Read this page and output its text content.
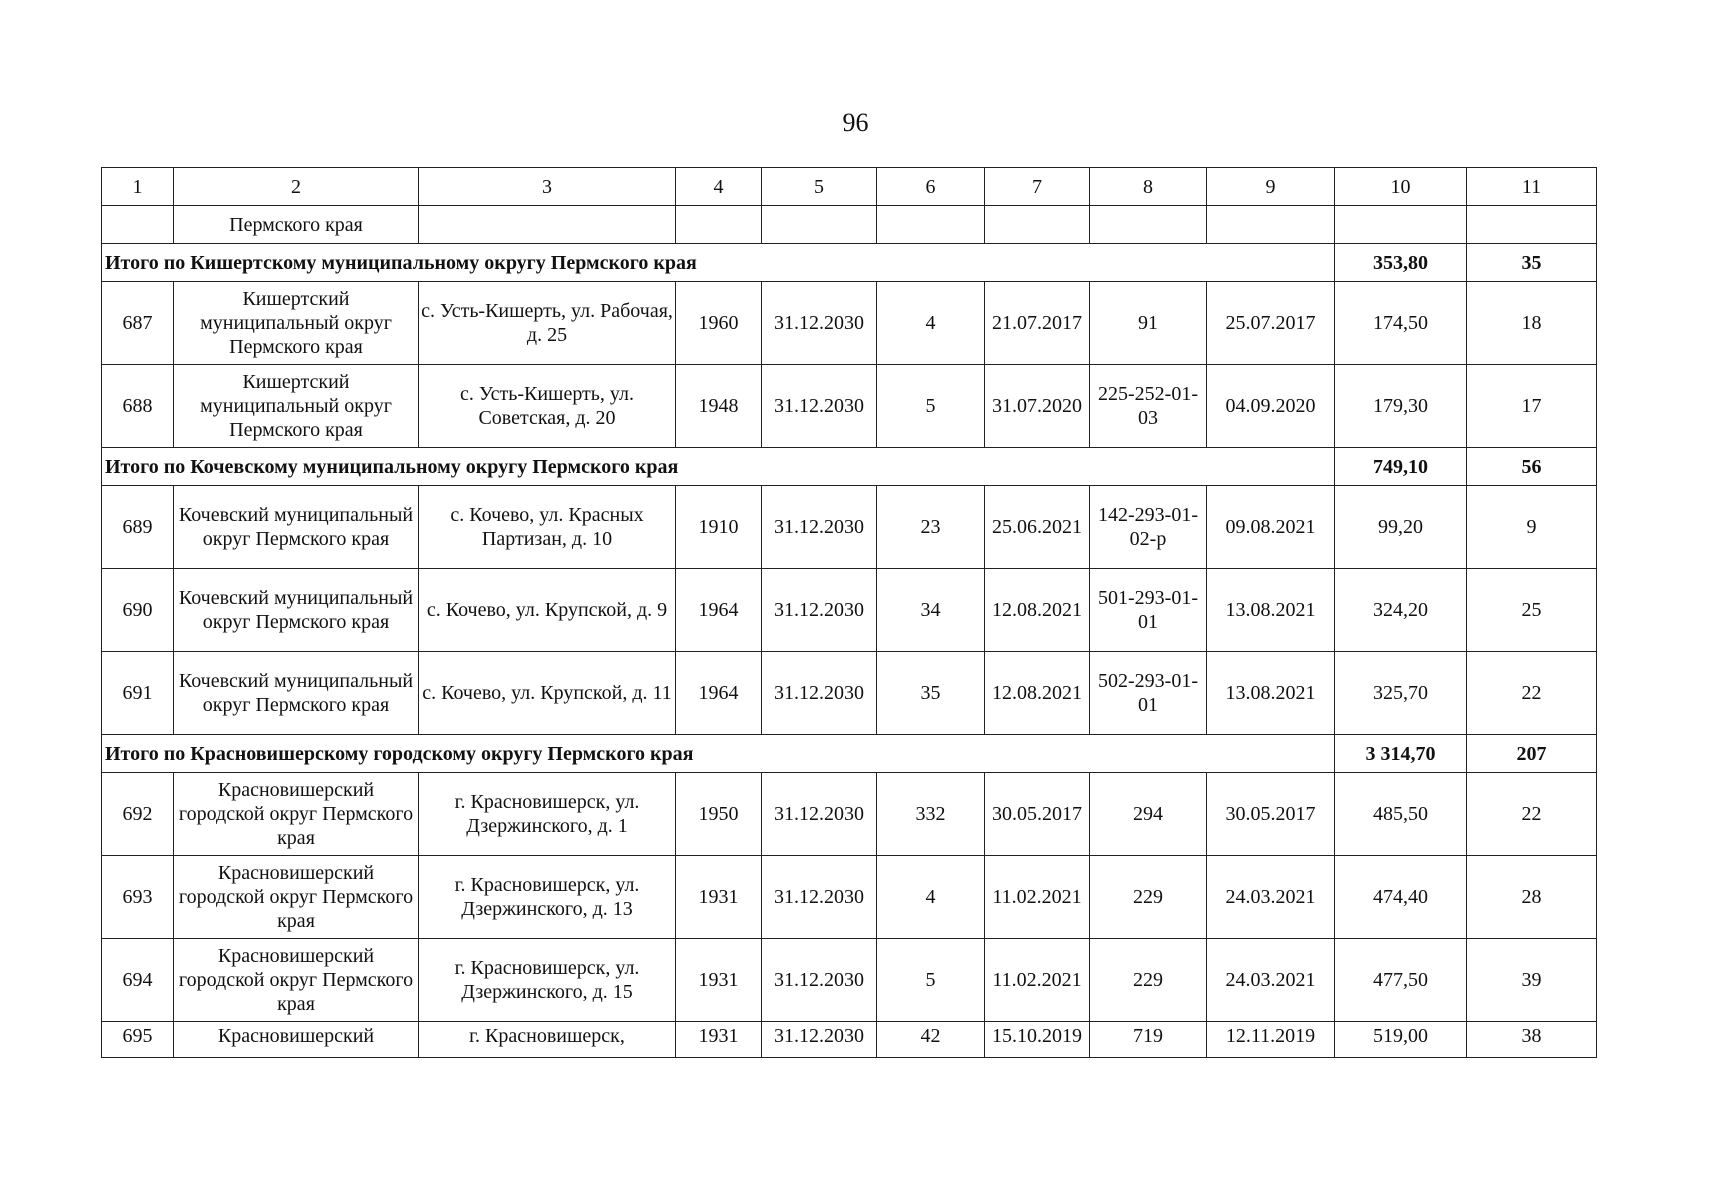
96
1	2	3	4	5	6	7	8	9	10	11
	Пермского края									
Итого по Кишертскому муниципальному округу Пермского края									353,80	35
687	Кишертский муниципальный округ Пермского края	с. Усть-Кишерть, ул. Рабочая, д. 25	1960	31.12.2030	4	21.07.2017	91	25.07.2017	174,50	18
688	Кишертский муниципальный округ Пермского края	с. Усть-Кишерть, ул. Советская, д. 20	1948	31.12.2030	5	31.07.2020	225-252-01-03	04.09.2020	179,30	17
Итого по Кочевскому муниципальному округу Пермского края									749,10	56
689	Кочевский муниципальный округ Пермского края	с. Кочево, ул. Красных Партизан, д. 10	1910	31.12.2030	23	25.06.2021	142-293-01-02-р	09.08.2021	99,20	9
690	Кочевский муниципальный округ Пермского края	с. Кочево, ул. Крупской, д. 9	1964	31.12.2030	34	12.08.2021	501-293-01-01	13.08.2021	324,20	25
691	Кочевский муниципальный округ Пермского края	с. Кочево, ул. Крупской, д. 11	1964	31.12.2030	35	12.08.2021	502-293-01-01	13.08.2021	325,70	22
Итого по Красновишерскому городскому округу Пермского края									3 314,70	207
692	Красновишерский городской округ Пермского края	г. Красновишерск, ул. Дзержинского, д. 1	1950	31.12.2030	332	30.05.2017	294	30.05.2017	485,50	22
693	Красновишерский городской округ Пермского края	г. Красновишерск, ул. Дзержинского, д. 13	1931	31.12.2030	4	11.02.2021	229	24.03.2021	474,40	28
694	Красновишерский городской округ Пермского края	г. Красновишерск, ул. Дзержинского, д. 15	1931	31.12.2030	5	11.02.2021	229	24.03.2021	477,50	39
695	Красновишерский	г. Красновишерск,	1931	31.12.2030	42	15.10.2019	719	12.11.2019	519,00	38
